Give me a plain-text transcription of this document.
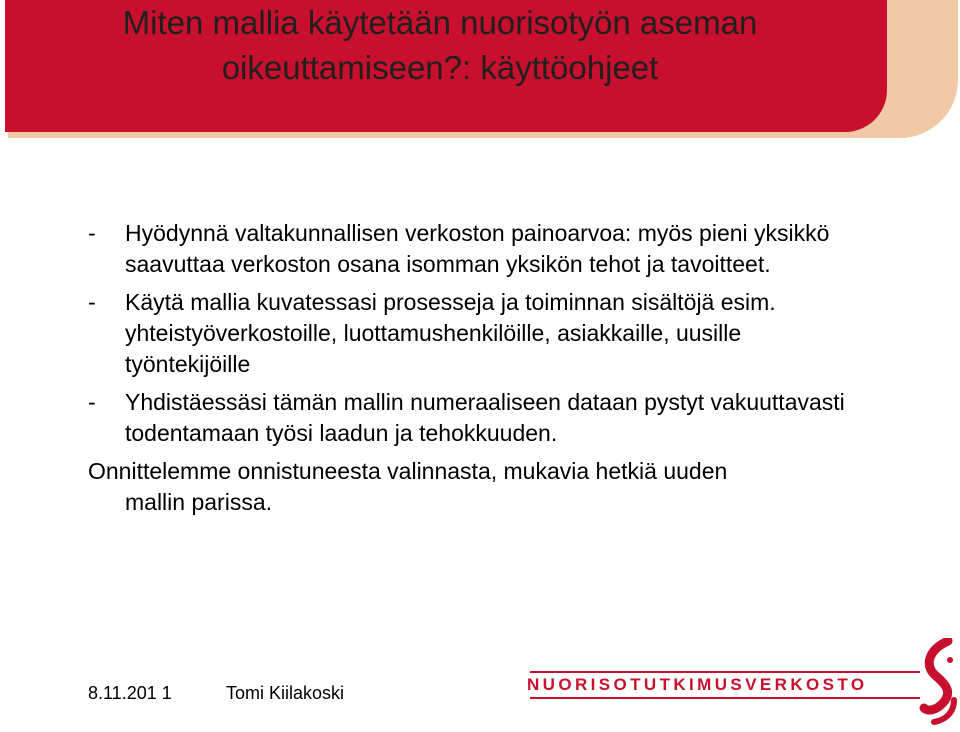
Miten mallia käytetään nuorisotyön aseman
oikeuttamiseen?: käyttöohjeet
- Hyödynnä valtakunnallisen verkoston painoarvoa: myös pieni yksikkö saavuttaa verkoston osana isomman yksikön tehot ja tavoitteet.
- Käytä mallia kuvatessasi prosesseja ja toiminnan sisältöjä esim. yhteistyöverkostoille, luottamushenkilöille, asiakkaille, uusille työntekijöille
- Yhdistäessäsi tämän mallin numeraaliseen dataan pystyt vakuuttavasti todentamaan työsi laadun ja tehokkuuden.
Onnittelemme onnistuneesta valinnasta, mukavia hetkiä uuden
mallin parissa.
8.11.201 1	Tomi Kiilakoski	NUORISOTUTKIMUSVERKOSTO
